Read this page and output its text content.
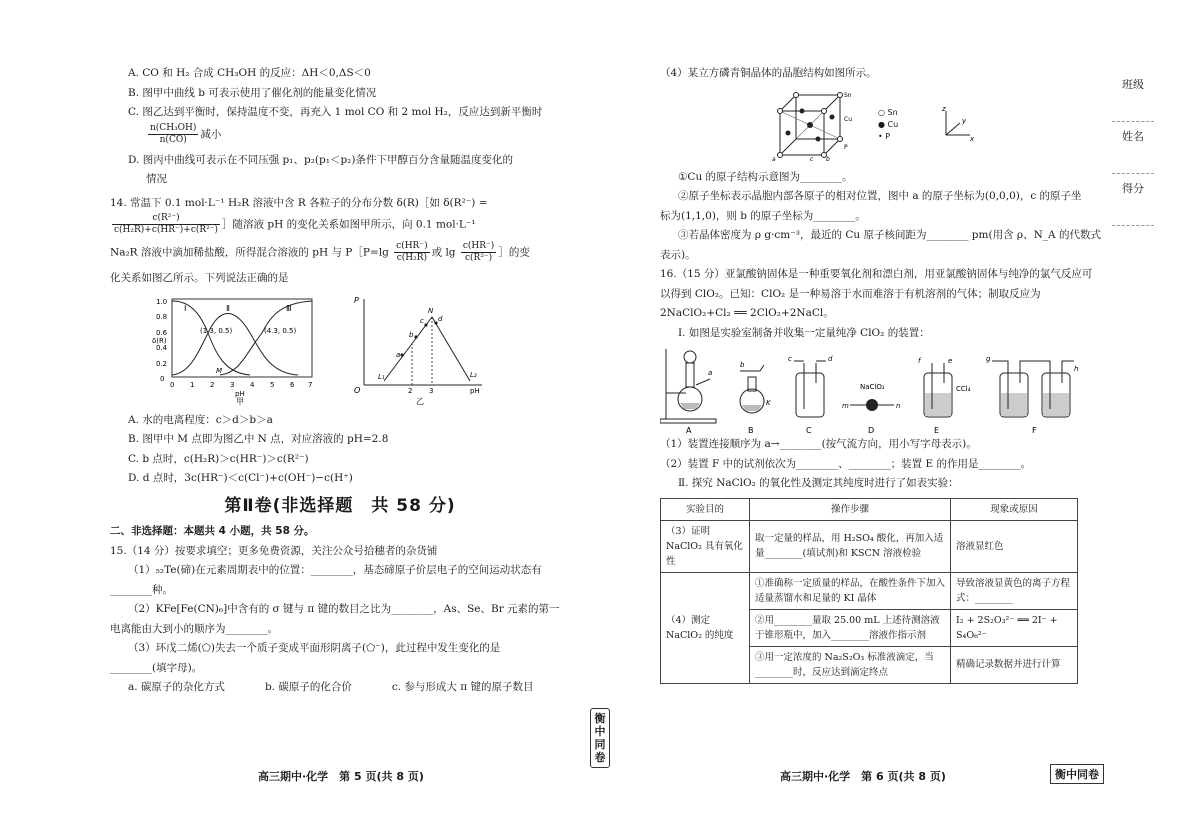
A. CO 和 H₂ 合成 CH₃OH 的反应：ΔH＜0,ΔS＜0
B. 图甲中曲线 b 可表示使用了催化剂的能量变化情况
C. 图乙达到平衡时，保持温度不变，再充入 1 mol CO 和 2 mol H₂，反应达到新平衡时
$\frac{\text{n(CH₃OH)}}{n(CO)}$ 减小
D. 图丙中曲线可表示在不同压强 p₁、p₂(p₁＜p₂)条件下甲醇百分含量随温度变化的
情况
14. 常温下 0.1 mol·L⁻¹ H₂R 溶液中含 R 各粒子的分布分数 δ(R)［如 δ(R²⁻) =
$\frac{\text{c(R²⁻)}}{\text{c(H₂R)+c(HR⁻)+c(R²⁻)}}$ ］随溶液 pH 的变化关系如图甲所示，向 0.1 mol·L⁻¹
Na₂R 溶液中滴加稀盐酸，所得混合溶液的 pH 与 P［P=lg $\frac{c(HR^-)}{\text{c(H₂R)}}$ 或 $\lg \frac{c(HR^-)}{\text{c(R²⁻)}}$ ］的变
化关系如图乙所示。下列说法正确的是
Ⅰ	Ⅱ	Ⅲ
(1.3, 0.5)	(4.3, 0.5)
M
δ(R)
0
0.2
0.4
0.6
0.8
1.0
0 1 2 3 4 5 6 7
pH
甲
P
O	2 3	pH
a
b
c d
N
L₁	L₂
乙
A. 水的电离程度：c＞d＞b＞a
B. 图甲中 M 点即为图乙中 N 点，对应溶液的 pH=2.8
C. b 点时，c(H₂R)＞c(HR⁻)＞c(R²⁻)
D. d 点时，3c(HR⁻)＜c(Cl⁻)+c(OH⁻)−c(H⁺)
第Ⅱ卷(非选择题　共 58 分)
二、非选择题：本题共 4 小题，共 58 分。
15.（14 分）按要求填空；更多免费资源，关注公众号拾穗者的杂货铺
（1）₅₂Te(碲)在元素周期表中的位置：________，基态碲原子价层电子的空间运动状态有
________种。
（2）KFe[Fe(CN)₆]中含有的 σ 键与 π 键的数目之比为________，As、Se、Br 元素的第一
电离能由大到小的顺序为________。
（3）环戊二烯(⬠)失去一个质子变成平面形阴离子(⬠⁻)，此过程中发生变化的是
________(填字母)。
a. 碳原子的杂化方式	b. 碳原子的化合价	c. 参与形成大 π 键的原子数目
高三期中·化学　第 5 页(共 8 页)
衡
中
同
卷
（4）某立方磷青铜晶体的晶胞结构如图所示。
Sn
Cu
P
a	b
c
○ Sn
● Cu
• P
z
y
x
①Cu 的原子结构示意图为________。
②原子坐标表示晶胞内部各原子的相对位置，图中 a 的原子坐标为(0,0,0)，c 的原子坐
标为(1,1,0)，则 b 的原子坐标为________。
③若晶体密度为 ρ g·cm⁻³，最近的 Cu 原子核间距为________ pm(用含 ρ、N_A 的代数式
表示)。
16.（15 分）亚氯酸钠固体是一种重要氧化剂和漂白剂，用亚氯酸钠固体与纯净的氯气反应可
以得到 ClO₂。已知：ClO₂ 是一种易溶于水而难溶于有机溶剂的气体；制取反应为
2NaClO₂+Cl₂ ══ 2ClO₂+2NaCl。
Ⅰ. 如图是实验室制备并收集一定量纯净 ClO₂ 的装置：
a
A
b
K
B
c	d
C
NaClO₂
m	n
D
f	e
CCl₄
E
g
h
F
（1）装置连接顺序为 a→________(按气流方向，用小写字母表示)。
（2）装置 F 中的试剂依次为________、________；装置 E 的作用是________。
Ⅱ. 探究 NaClO₂ 的氧化性及测定其纯度时进行了如表实验：
实验目的	操作步骤	现象或原因
（3）证明 NaClO₂ 具有氧化性	取一定量的样品，用 H₂SO₄ 酸化，再加入适量________(填试剂)和 KSCN 溶液检验	溶液显红色
（4）测定 NaClO₂ 的纯度	①准确称一定质量的样品，在酸性条件下加入适量蒸馏水和足量的 KI 晶体	导致溶液显黄色的离子方程式：________
	②用________量取 25.00 mL 上述待测溶液于锥形瓶中，加入________溶液作指示剂	I₂ + 2S₂O₃²⁻ ══ 2I⁻ + S₄O₆²⁻
	③用一定浓度的 Na₂S₂O₃ 标准液滴定，当________时，反应达到滴定终点	精确记录数据并进行计算
高三期中·化学　第 6 页(共 8 页)	衡中同卷
班级
姓名
得分
